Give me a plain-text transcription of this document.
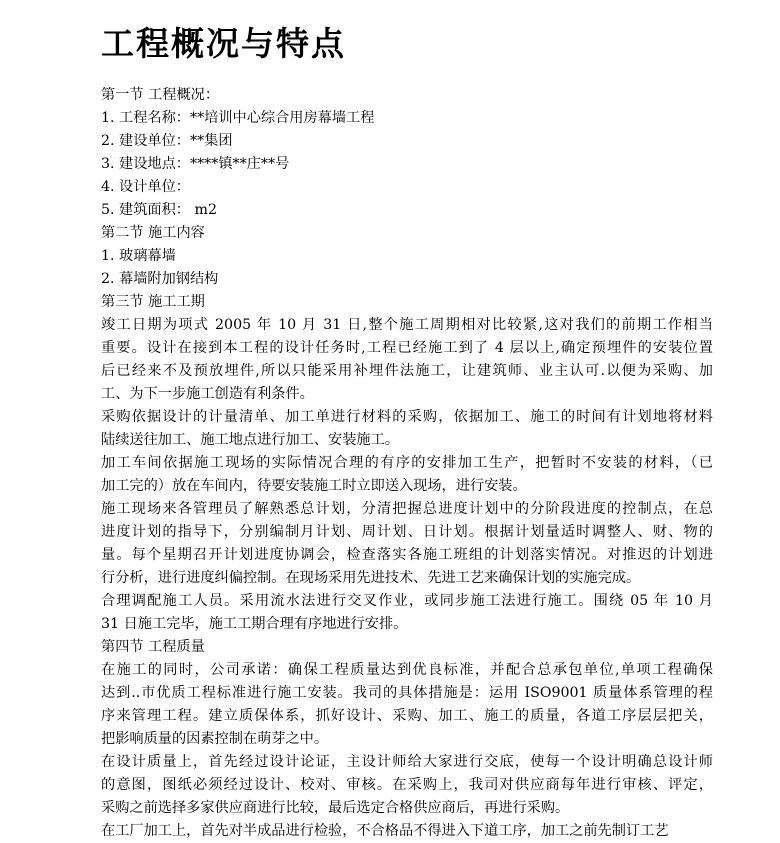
工程概况与特点
第一节 工程概况：
1. 工程名称：**培训中心综合用房幕墙工程
2. 建设单位：**集团
3. 建设地点：****镇**庄**号
4. 设计单位：
5. 建筑面积： m2
第二节 施工内容
1. 玻璃幕墙
2. 幕墙附加钢结构
第三节 施工工期
竣工日期为项式 2005 年 10 月 31 日,整个施工周期相对比较紧,这对我们的前期工作相当
重要。设计在接到本工程的设计任务时,工程已经施工到了 4 层以上,确定预埋件的安装位置
后已经来不及预放埋件,所以只能采用补埋件法施工，让建筑师、业主认可.以便为采购、加
工、为下一步施工创造有利条件。
采购依据设计的计量清单、加工单进行材料的采购，依据加工、施工的时间有计划地将材料
陆续送往加工、施工地点进行加工、安装施工。
加工车间依据施工现场的实际情况合理的有序的安排加工生产，把暂时不安装的材料，（已
加工完的）放在车间内，待要安装施工时立即送入现场，进行安装。
施工现场来各管理员了解熟悉总计划，分清把握总进度计划中的分阶段进度的控制点，在总
进度计划的指导下，分别编制月计划、周计划、日计划。根据计划量适时调整人、财、物的
量。每个星期召开计划进度协调会，检查落实各施工班组的计划落实情况。对推迟的计划进
行分析，进行进度纠偏控制。在现场采用先进技术、先进工艺来确保计划的实施完成。
合理调配施工人员。采用流水法进行交叉作业，或同步施工法进行施工。围绕 05 年 10 月
31 日施工完毕，施工工期合理有序地进行安排。
第四节 工程质量
在施工的同时，公司承诺：确保工程质量达到优良标准，并配合总承包单位,单项工程确保
达到..市优质工程标准进行施工安装。我司的具体措施是：运用 ISO9001 质量体系管理的程
序来管理工程。建立质保体系，抓好设计、采购、加工、施工的质量，各道工序层层把关，
把影响质量的因素控制在萌芽之中。
在设计质量上，首先经过设计论证，主设计师给大家进行交底，使每一个设计明确总设计师
的意图，图纸必须经过设计、校对、审核。在采购上，我司对供应商每年进行审核、评定，
采购之前选择多家供应商进行比较，最后选定合格供应商后，再进行采购。
在工厂加工上，首先对半成品进行检验，不合格品不得进入下道工序，加工之前先制订工艺
